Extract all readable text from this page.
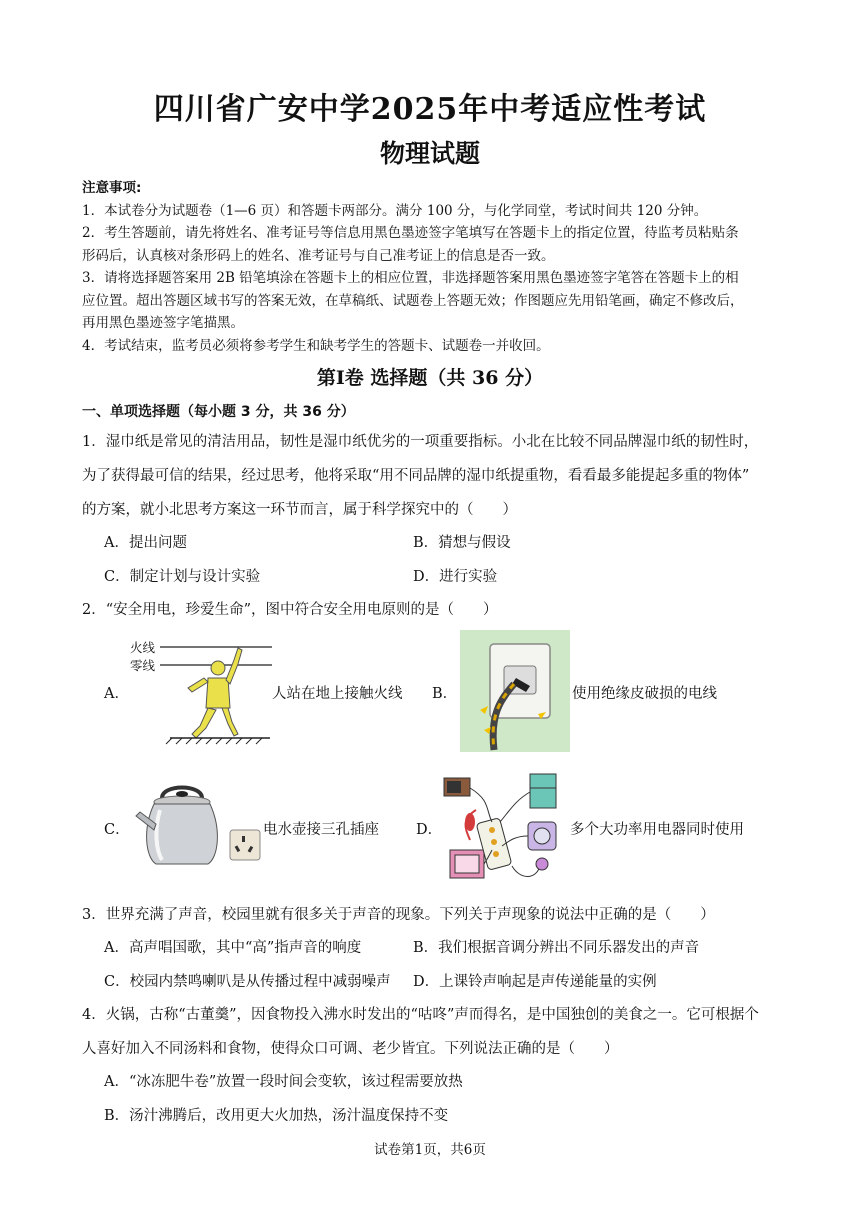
四川省广安中学2025年中考适应性考试
物理试题
注意事项:
1．本试卷分为试题卷（1—6 页）和答题卡两部分。满分 100 分，与化学同堂，考试时间共 120 分钟。
2．考生答题前，请先将姓名、准考证号等信息用黑色墨迹签字笔填写在答题卡上的指定位置，待监考员粘贴条
形码后，认真核对条形码上的姓名、准考证号与自己准考证上的信息是否一致。
3．请将选择题答案用 2B 铅笔填涂在答题卡上的相应位置，非选择题答案用黑色墨迹签字笔答在答题卡上的相
应位置。超出答题区域书写的答案无效，在草稿纸、试题卷上答题无效；作图题应先用铅笔画，确定不修改后，
再用黑色墨迹签字笔描黑。
4．考试结束，监考员必须将参考学生和缺考学生的答题卡、试题卷一并收回。
第Ⅰ卷 选择题（共 36 分）
一、单项选择题（每小题 3 分，共 36 分）
1．湿巾纸是常见的清洁用品，韧性是湿巾纸优劣的一项重要指标。小北在比较不同品牌湿巾纸的韧性时，
为了获得最可信的结果，经过思考，他将采取“用不同品牌的湿巾纸提重物，看看最多能提起多重的物体”
的方案，就小北思考方案这一环节而言，属于科学探究中的（　　）
A．提出问题	B．猜想与假设
C．制定计划与设计实验	D．进行实验
2．“安全用电，珍爱生命”，图中符合安全用电原则的是（　　）
A．
火线
零线
人站在地上接触火线 B．	使用绝缘皮破损的电线
C．	电水壶接三孔插座	D．	多个大功率用电器同时使用
3．世界充满了声音，校园里就有很多关于声音的现象。下列关于声现象的说法中正确的是（　　）
A．高声唱国歌，其中“高”指声音的响度	B．我们根据音调分辨出不同乐器发出的声音
C．校园内禁鸣喇叭是从传播过程中减弱噪声 D．上课铃声响起是声传递能量的实例
4．火锅，古称“古董羹”，因食物投入沸水时发出的“咕咚”声而得名，是中国独创的美食之一。它可根据个
人喜好加入不同汤料和食物，使得众口可调、老少皆宜。下列说法正确的是（　　）
A．“冰冻肥牛卷”放置一段时间会变软，该过程需要放热
B．汤汁沸腾后，改用更大火加热，汤汁温度保持不变
试卷第1页，共6页
